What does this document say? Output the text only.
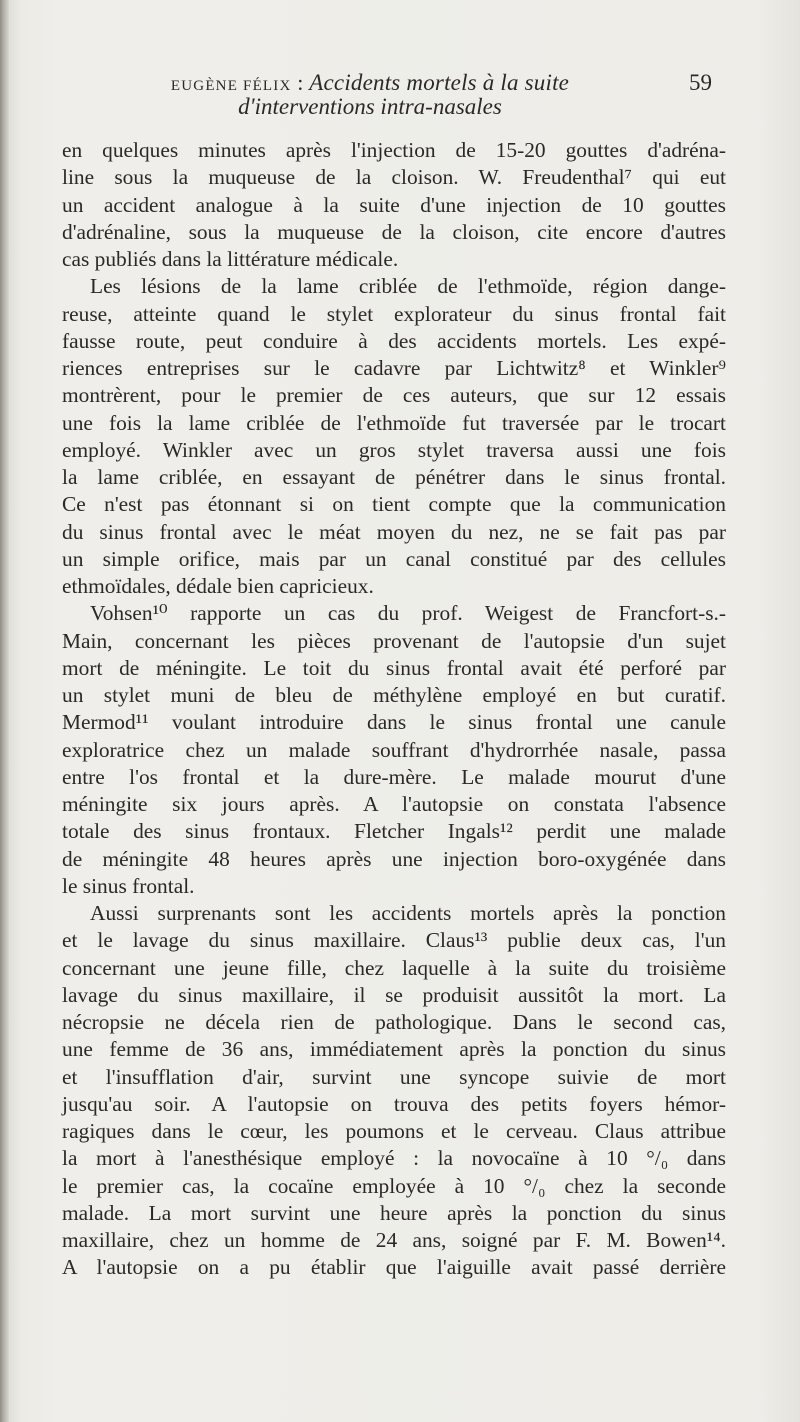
EUGÈNE FÉLIX : Accidents mortels à la suite
d'interventions intra-nasales
59
en quelques minutes après l'injection de 15-20 gouttes d'adréna-
line sous la muqueuse de la cloison. W. Freudenthal⁷ qui eut
un accident analogue à la suite d'une injection de 10 gouttes
d'adrénaline, sous la muqueuse de la cloison, cite encore d'autres
cas publiés dans la littérature médicale.
Les lésions de la lame criblée de l'ethmoïde, région dange-
reuse, atteinte quand le stylet explorateur du sinus frontal fait
fausse route, peut conduire à des accidents mortels. Les expé-
riences entreprises sur le cadavre par Lichtwitz⁸ et Winkler⁹
montrèrent, pour le premier de ces auteurs, que sur 12 essais
une fois la lame criblée de l'ethmoïde fut traversée par le trocart
employé. Winkler avec un gros stylet traversa aussi une fois
la lame criblée, en essayant de pénétrer dans le sinus frontal.
Ce n'est pas étonnant si on tient compte que la communication
du sinus frontal avec le méat moyen du nez, ne se fait pas par
un simple orifice, mais par un canal constitué par des cellules
ethmoïdales, dédale bien capricieux.
Vohsen¹⁰ rapporte un cas du prof. Weigest de Francfort-s.-
Main, concernant les pièces provenant de l'autopsie d'un sujet
mort de méningite. Le toit du sinus frontal avait été perforé par
un stylet muni de bleu de méthylène employé en but curatif.
Mermod¹¹ voulant introduire dans le sinus frontal une canule
exploratrice chez un malade souffrant d'hydrorrhée nasale, passa
entre l'os frontal et la dure-mère. Le malade mourut d'une
méningite six jours après. A l'autopsie on constata l'absence
totale des sinus frontaux. Fletcher Ingals¹² perdit une malade
de méningite 48 heures après une injection boro-oxygénée dans
le sinus frontal.
Aussi surprenants sont les accidents mortels après la ponction
et le lavage du sinus maxillaire. Claus¹³ publie deux cas, l'un
concernant une jeune fille, chez laquelle à la suite du troisième
lavage du sinus maxillaire, il se produisit aussitôt la mort. La
nécropsie ne décela rien de pathologique. Dans le second cas,
une femme de 36 ans, immédiatement après la ponction du sinus
et l'insufflation d'air, survint une syncope suivie de mort
jusqu'au soir. A l'autopsie on trouva des petits foyers hémor-
ragiques dans le cœur, les poumons et le cerveau. Claus attribue
la mort à l'anesthésique employé : la novocaïne à 10 °/₀ dans
le premier cas, la cocaïne employée à 10 °/₀ chez la seconde
malade. La mort survint une heure après la ponction du sinus
maxillaire, chez un homme de 24 ans, soigné par F. M. Bowen¹⁴.
A l'autopsie on a pu établir que l'aiguille avait passé derrière
